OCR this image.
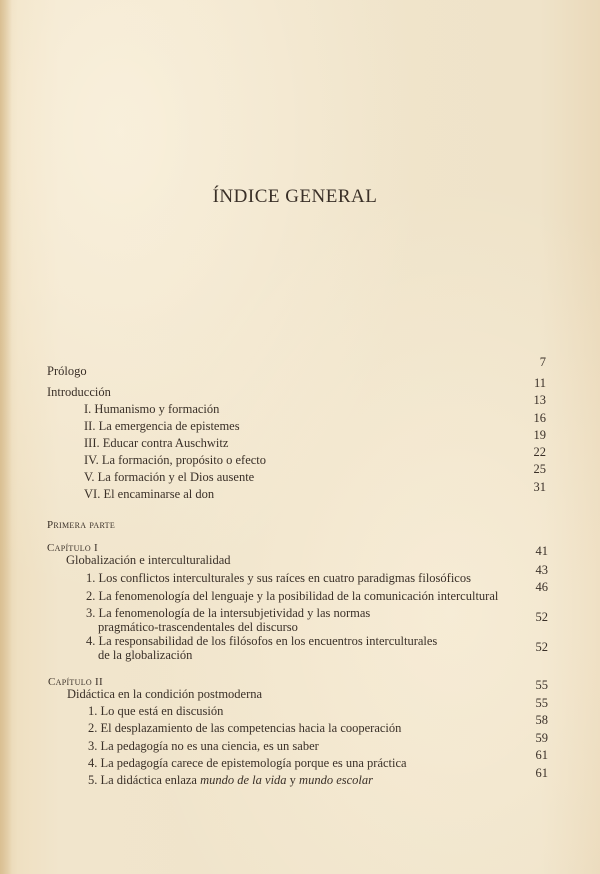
ÍNDICE GENERAL
Prólogo
7
Introducción
11
I. Humanismo y formación
13
II. La emergencia de epistemes
16
III. Educar contra Auschwitz
19
IV. La formación, propósito o efecto
22
V. La formación y el Dios ausente
25
VI. El encaminarse al don	31
Primera parte
Capítulo I
Globalización e interculturalidad
41
1. Los conflictos interculturales y sus raíces en cuatro paradigmas filosóficos
43
2. La fenomenología del lenguaje y la posibilidad de la comunicación intercultural
46
3. La fenomenología de la intersubjetividad y las normas
pragmático-trascendentales del discurso
52
4. La responsabilidad de los filósofos en los encuentros interculturales
de la globalización
52
Capítulo II
Didáctica en la condición postmoderna
55
1. Lo que está en discusión
55
2. El desplazamiento de las competencias hacia la cooperación
58
3. La pedagogía no es una ciencia, es un saber
59
4. La pedagogía carece de epistemología porque es una práctica
61
5. La didáctica enlaza mundo de la vida y mundo escolar	61
